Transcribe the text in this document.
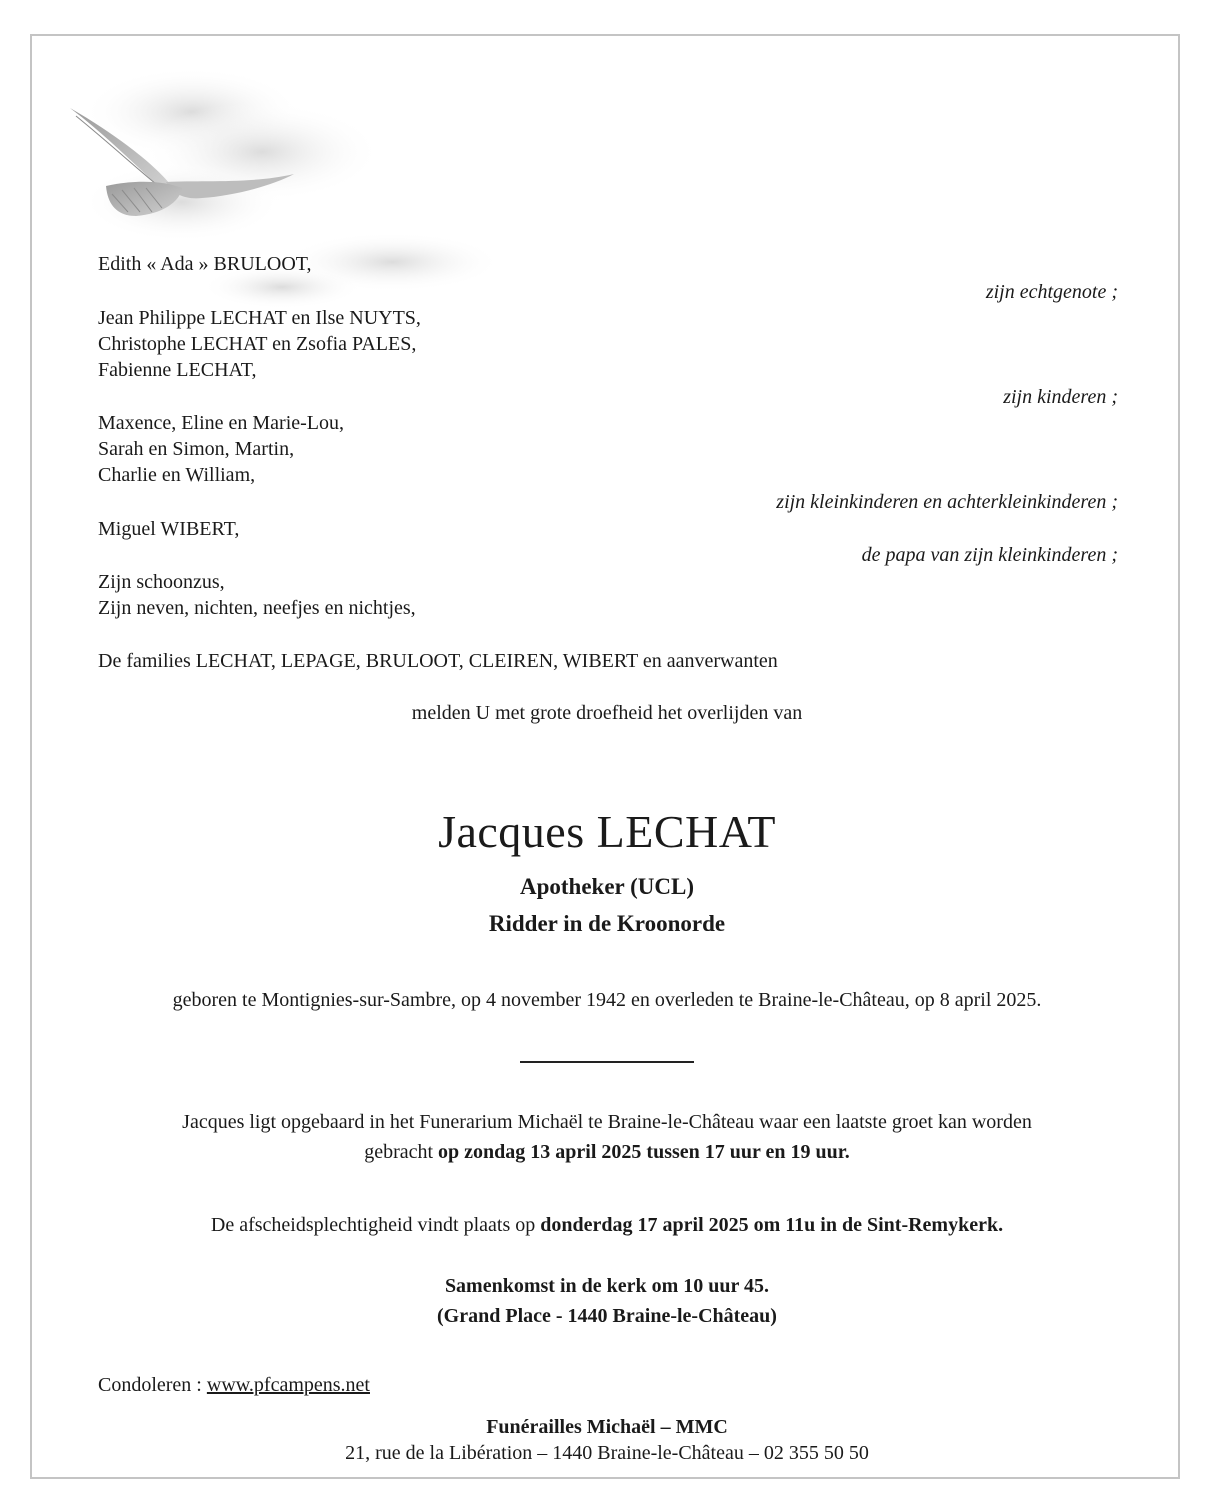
Edith « Ada » BRULOOT,
zijn echtgenote ;
Jean Philippe LECHAT en Ilse NUYTS,
Christophe LECHAT en Zsofia PALES,
Fabienne LECHAT,
zijn kinderen ;
Maxence, Eline en Marie-Lou,
Sarah en Simon, Martin,
Charlie en William,
zijn kleinkinderen en achterkleinkinderen ;
Miguel WIBERT,
de papa van zijn kleinkinderen ;
Zijn schoonzus,
Zijn neven, nichten, neefjes en nichtjes,
De families LECHAT, LEPAGE, BRULOOT, CLEIREN, WIBERT en aanverwanten
melden U met grote droefheid het overlijden van
Jacques LECHAT
Apotheker (UCL)
Ridder in de Kroonorde
geboren te Montignies-sur-Sambre, op 4 november 1942 en overleden te Braine-le-Château, op 8 april 2025.
Jacques ligt opgebaard in het Funerarium Michaël te Braine-le-Château waar een laatste groet kan worden
gebracht op zondag 13 april 2025 tussen 17 uur en 19 uur.
De afscheidsplechtigheid vindt plaats op donderdag 17 april 2025 om 11u in de Sint-Remykerk.
Samenkomst in de kerk om 10 uur 45.
(Grand Place - 1440 Braine-le-Château)
Condoleren : www.pfcampens.net
Funérailles Michaël – MMC
21, rue de la Libération – 1440 Braine-le-Château – 02 355 50 50
